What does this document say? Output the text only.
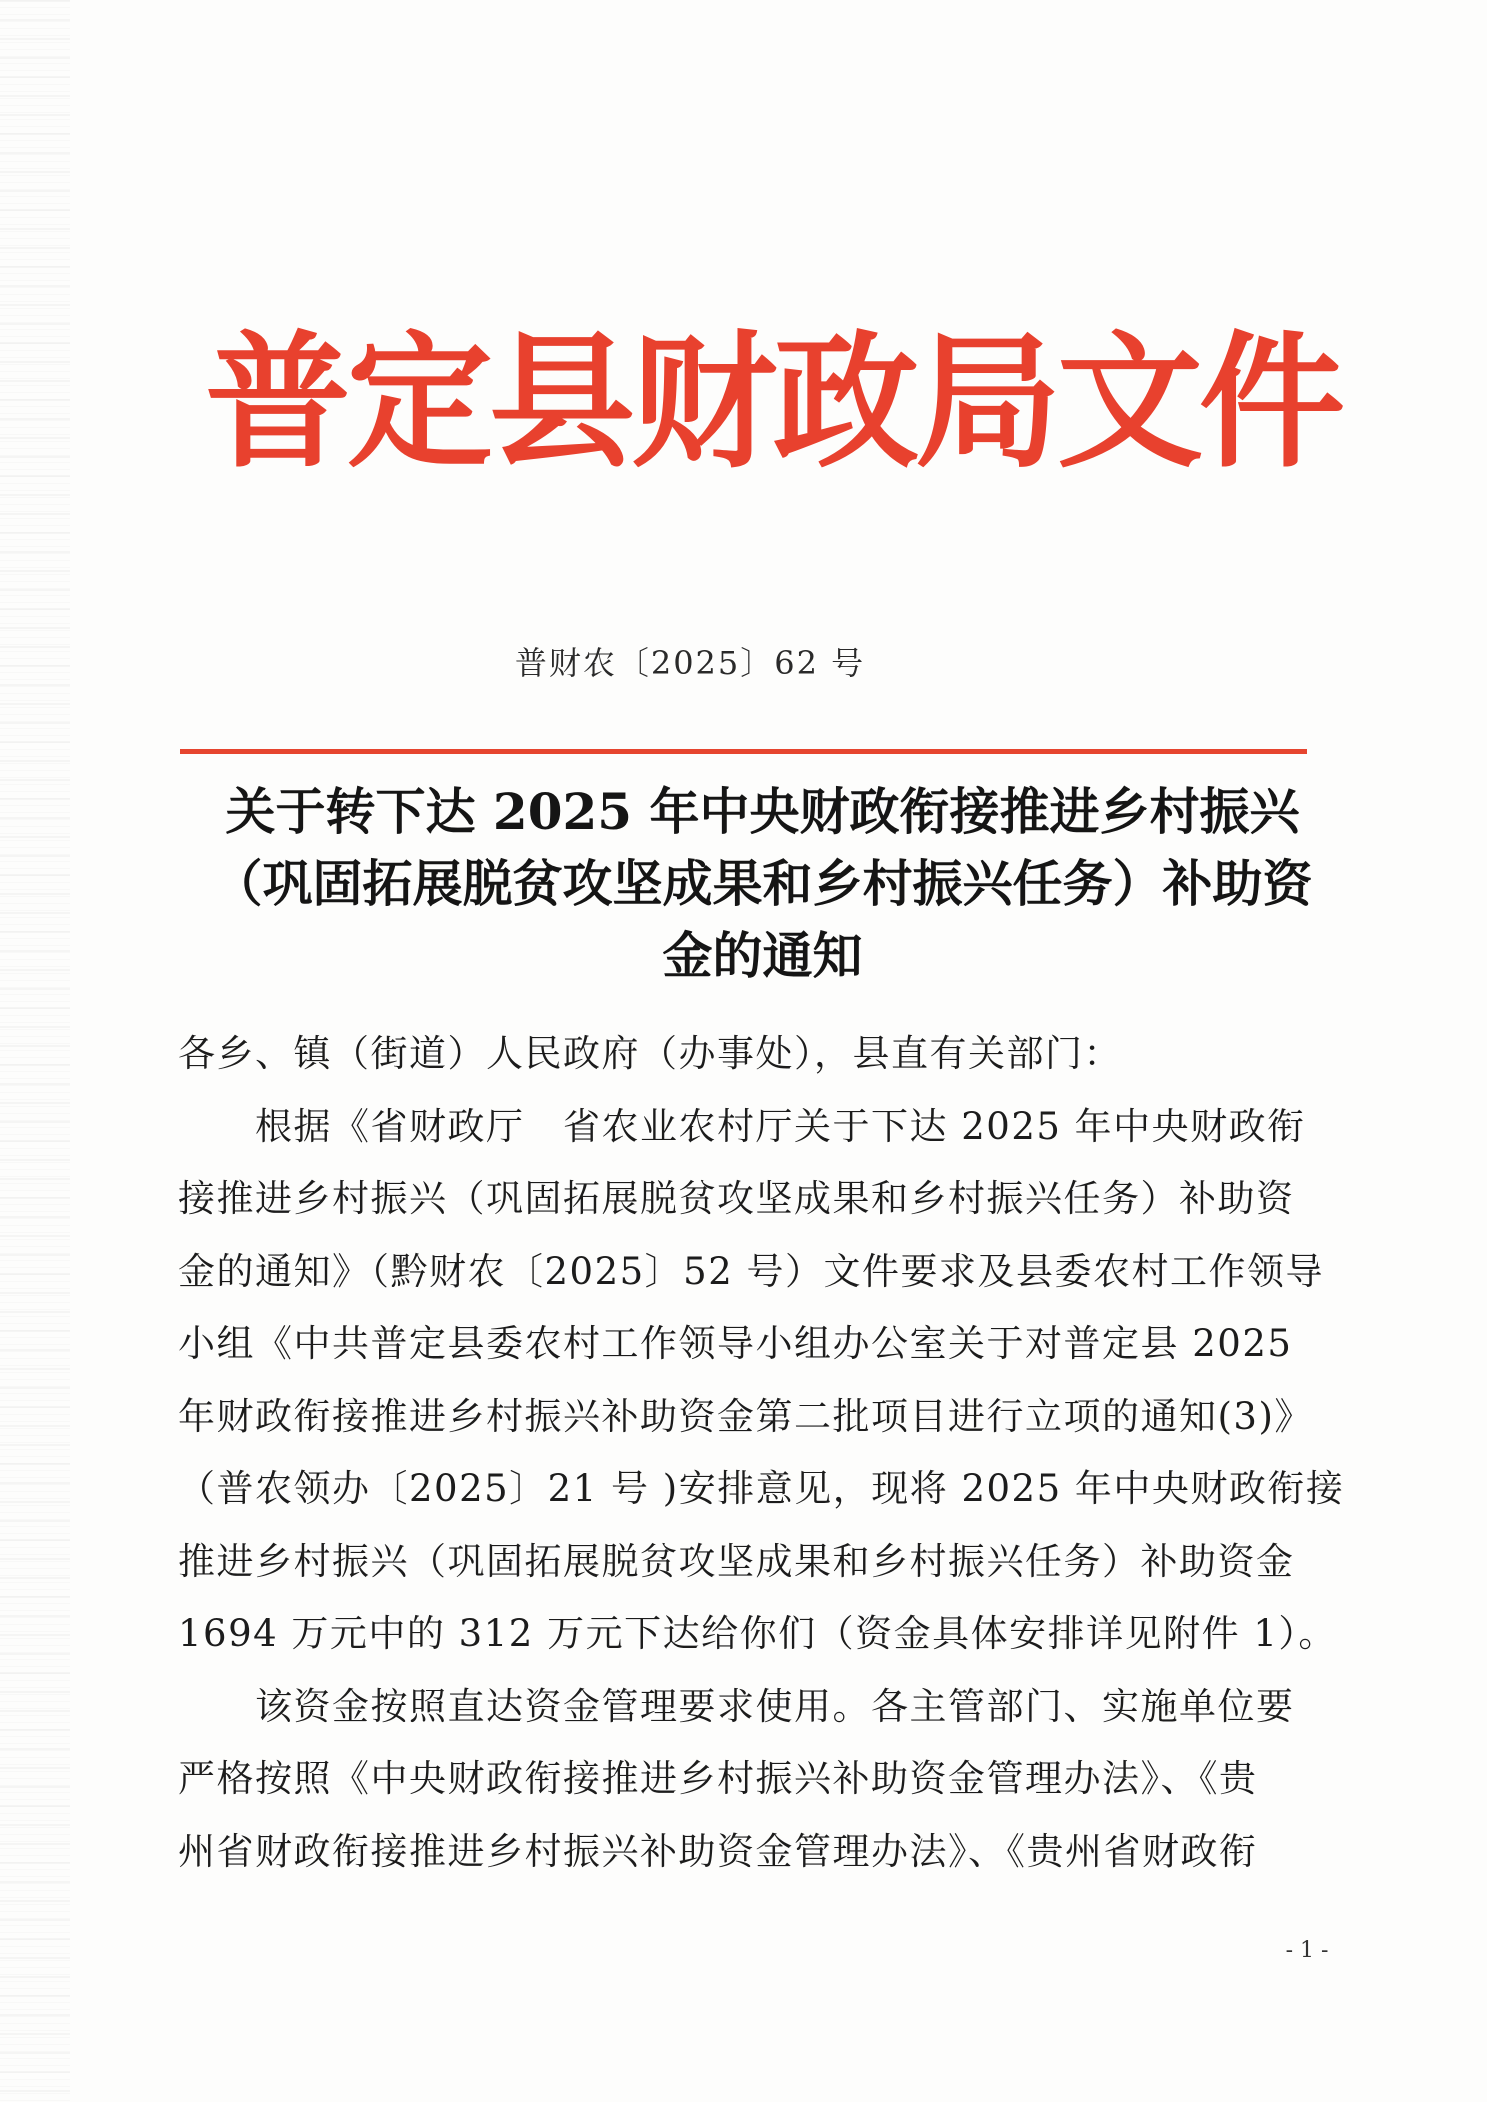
普定县财政局文件
普财农〔2025〕62 号
关于转下达 2025 年中央财政衔接推进乡村振兴
（巩固拓展脱贫攻坚成果和乡村振兴任务）补助资
金的通知
各乡、镇（街道）人民政府（办事处），县直有关部门：
　　根据《省财政厅　省农业农村厅关于下达 2025 年中央财政衔
接推进乡村振兴（巩固拓展脱贫攻坚成果和乡村振兴任务）补助资
金的通知》（黔财农〔2025〕52 号）文件要求及县委农村工作领导
小组《中共普定县委农村工作领导小组办公室关于对普定县 2025
年财政衔接推进乡村振兴补助资金第二批项目进行立项的通知(3)》
（普农领办〔2025〕21 号 )安排意见，现将 2025 年中央财政衔接
推进乡村振兴（巩固拓展脱贫攻坚成果和乡村振兴任务）补助资金
1694 万元中的 312 万元下达给你们（资金具体安排详见附件 1）。
　　该资金按照直达资金管理要求使用。各主管部门、实施单位要
严格按照《中央财政衔接推进乡村振兴补助资金管理办法》、《贵
州省财政衔接推进乡村振兴补助资金管理办法》、《贵州省财政衔
- 1 -
